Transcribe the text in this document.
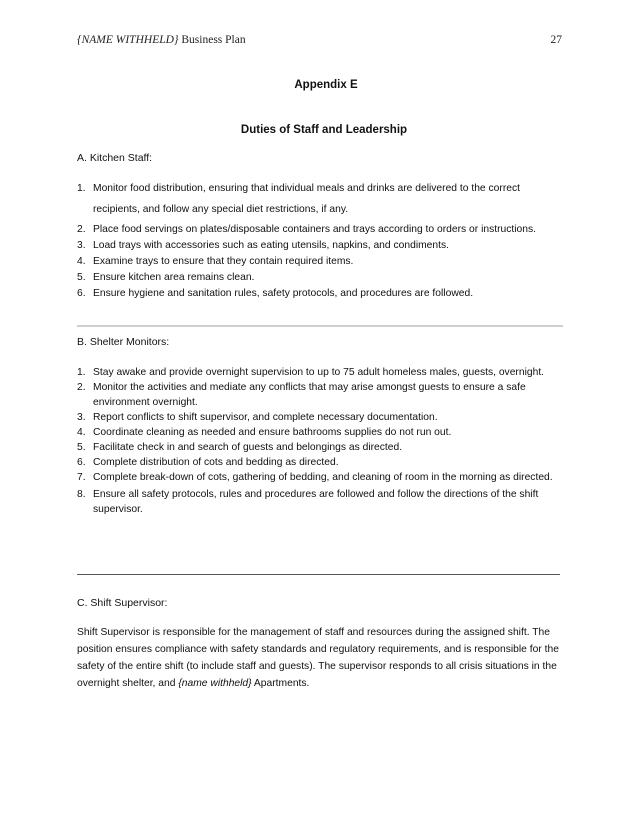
{NAME WITHHELD} Business Plan	27
Appendix E
Duties of Staff and Leadership
A. Kitchen Staff:
1. Monitor food distribution, ensuring that individual meals and drinks are delivered to the correct recipients, and follow any special diet restrictions, if any.
2. Place food servings on plates/disposable containers and trays according to orders or instructions.
3. Load trays with accessories such as eating utensils, napkins, and condiments.
4. Examine trays to ensure that they contain required items.
5. Ensure kitchen area remains clean.
6. Ensure hygiene and sanitation rules, safety protocols, and procedures are followed.
B. Shelter Monitors:
1. Stay awake and provide overnight supervision to up to 75 adult homeless males, guests, overnight.
2. Monitor the activities and mediate any conflicts that may arise amongst guests to ensure a safe environment overnight.
3. Report conflicts to shift supervisor, and complete necessary documentation.
4. Coordinate cleaning as needed and ensure bathrooms supplies do not run out.
5. Facilitate check in and search of guests and belongings as directed.
6. Complete distribution of cots and bedding as directed.
7. Complete break-down of cots, gathering of bedding, and cleaning of room in the morning as directed.
8. Ensure all safety protocols, rules and procedures are followed and follow the directions of the shift supervisor.
C. Shift Supervisor:
Shift Supervisor is responsible for the management of staff and resources during the assigned shift. The position ensures compliance with safety standards and regulatory requirements, and is responsible for the safety of the entire shift (to include staff and guests). The supervisor responds to all crisis situations in the overnight shelter, and {name withheld} Apartments.
